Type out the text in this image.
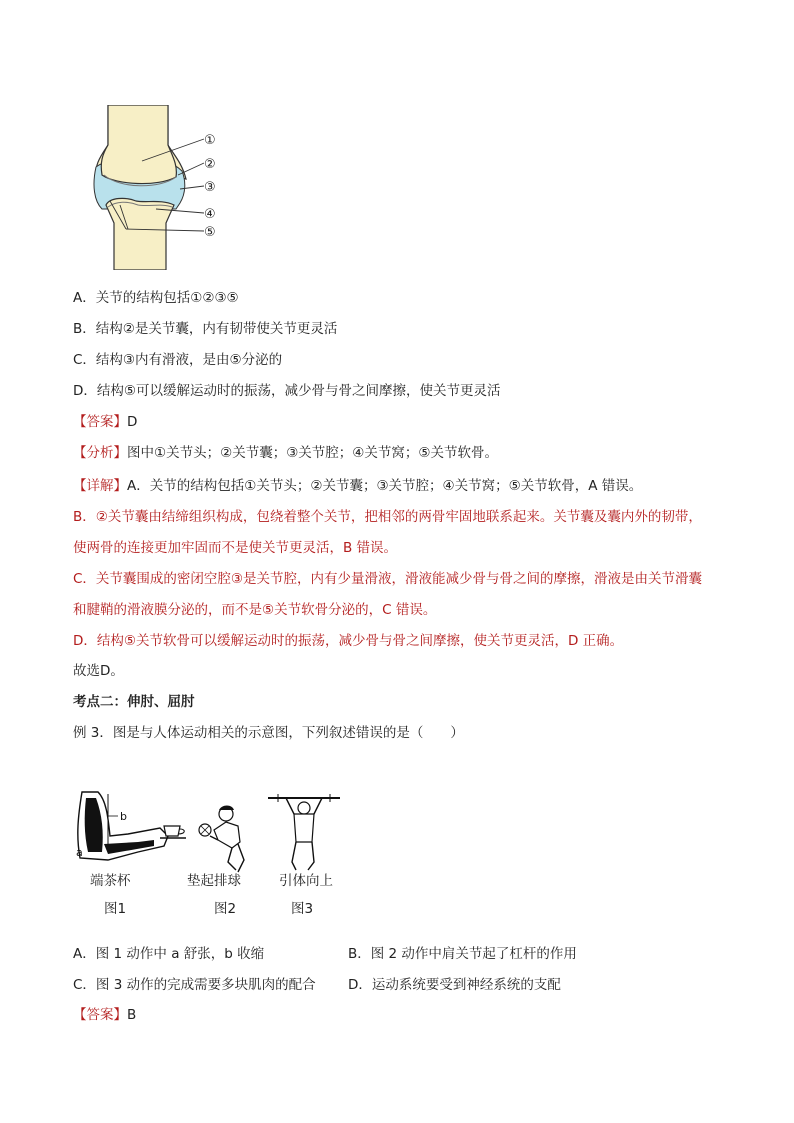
①
②
③
④
⑤
A．关节的结构包括①②③⑤
B．结构②是关节囊，内有韧带使关节更灵活
C．结构③内有滑液，是由⑤分泌的
D．结构⑤可以缓解运动时的振荡，减少骨与骨之间摩擦，使关节更灵活
【答案】D
【分析】图中①关节头；②关节囊；③关节腔；④关节窝；⑤关节软骨。
【详解】A．关节的结构包括①关节头；②关节囊；③关节腔；④关节窝；⑤关节软骨，A 错误。
B．②关节囊由结缔组织构成，包绕着整个关节，把相邻的两骨牢固地联系起来。关节囊及囊内外的韧带，
使两骨的连接更加牢固而不是使关节更灵活，B 错误。
C．关节囊围成的密闭空腔③是关节腔，内有少量滑液，滑液能减少骨与骨之间的摩擦，滑液是由关节滑囊
和腱鞘的滑液膜分泌的，而不是⑤关节软骨分泌的，C 错误。
D．结构⑤关节软骨可以缓解运动时的振荡，减少骨与骨之间摩擦，使关节更灵活，D 正确。
故选D。
考点二：伸肘、屈肘
例 3．图是与人体运动相关的示意图，下列叙述错误的是（　　）
b
a
端茶杯	垫起排球	引体向上
图1	图2	图3
A．图 1 动作中 a 舒张，b 收缩	B．图 2 动作中肩关节起了杠杆的作用
C．图 3 动作的完成需要多块肌肉的配合 D．运动系统要受到神经系统的支配
【答案】B
